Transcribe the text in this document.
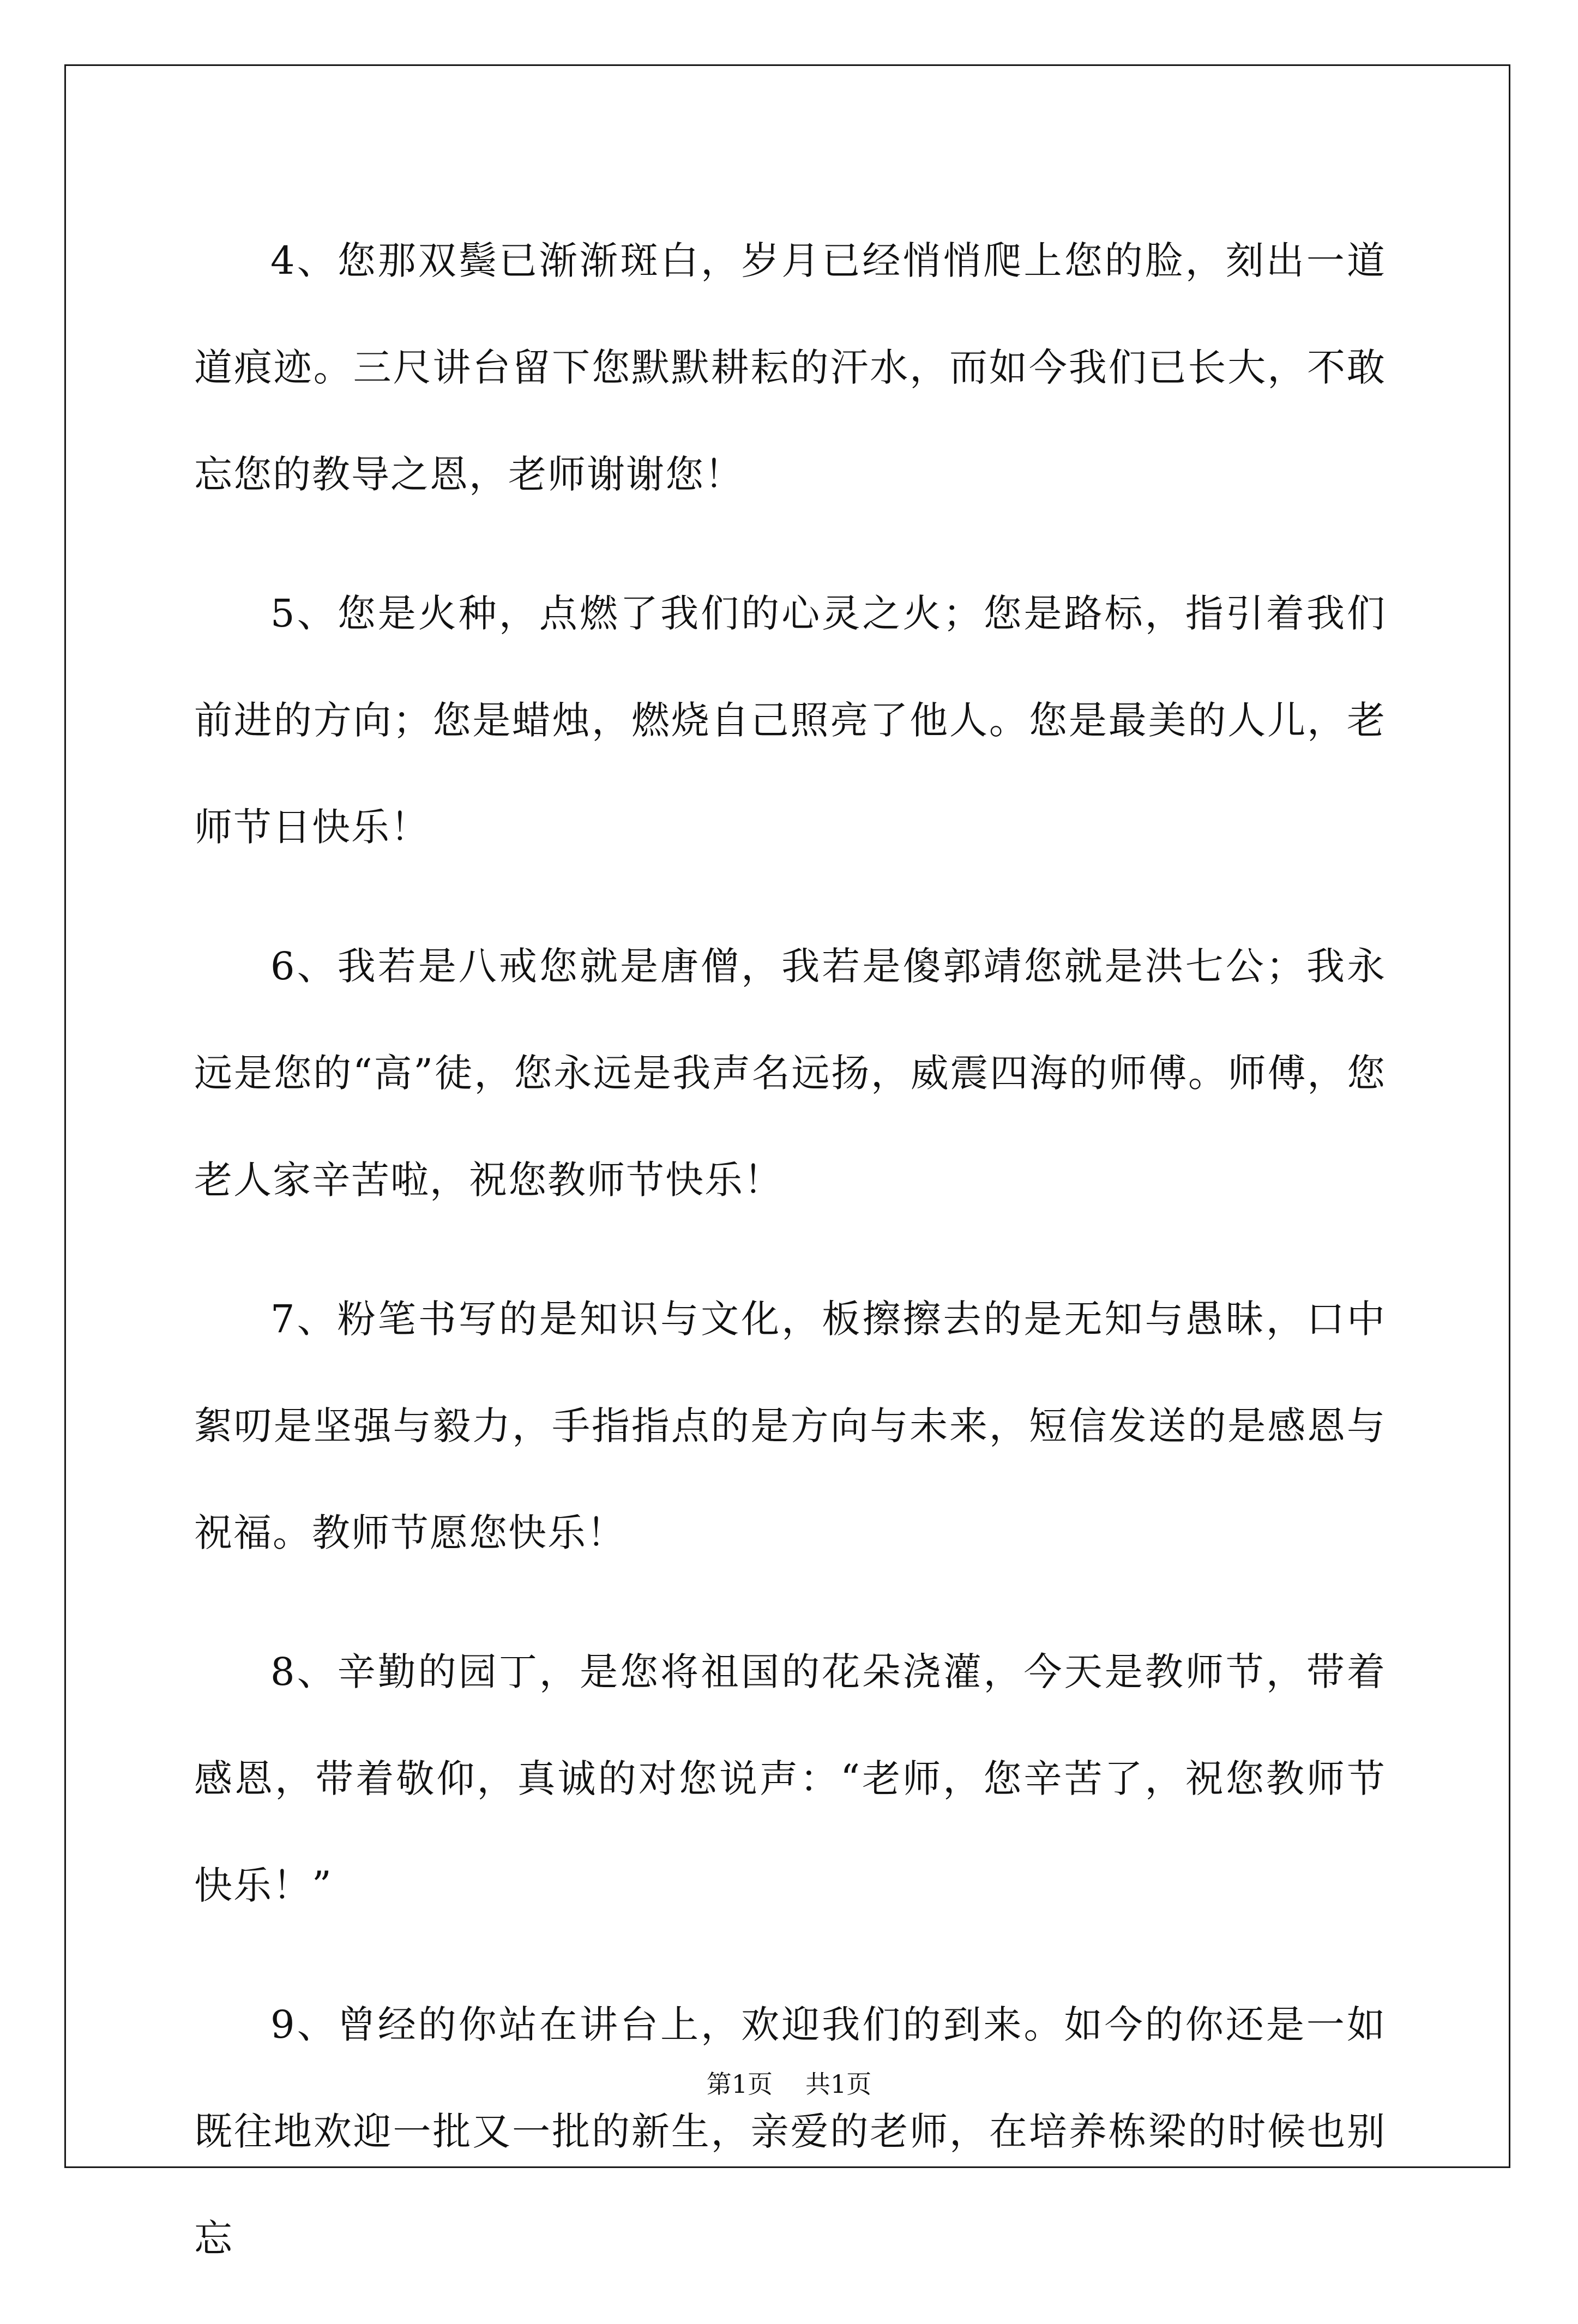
4、您那双鬓已渐渐斑白，岁月已经悄悄爬上您的脸，刻出一道道痕迹。三尺讲台留下您默默耕耘的汗水，而如今我们已长大，不敢忘您的教导之恩，老师谢谢您！

5、您是火种，点燃了我们的心灵之火；您是路标，指引着我们前进的方向；您是蜡烛，燃烧自己照亮了他人。您是最美的人儿，老师节日快乐！

6、我若是八戒您就是唐僧，我若是傻郭靖您就是洪七公；我永远是您的“高”徒，您永远是我声名远扬，威震四海的师傅。师傅，您老人家辛苦啦，祝您教师节快乐！

7、粉笔书写的是知识与文化，板擦擦去的是无知与愚昧，口中絮叨是坚强与毅力，手指指点的是方向与未来，短信发送的是感恩与祝福。教师节愿您快乐！

8、辛勤的园丁，是您将祖国的花朵浇灌，今天是教师节，带着感恩，带着敬仰，真诚的对您说声：“老师，您辛苦了，祝您教师节快乐！”

9、曾经的你站在讲台上，欢迎我们的到来。如今的你还是一如既往地欢迎一批又一批的新生，亲爱的老师，在培养栋梁的时候也别忘

第1页 共1页
